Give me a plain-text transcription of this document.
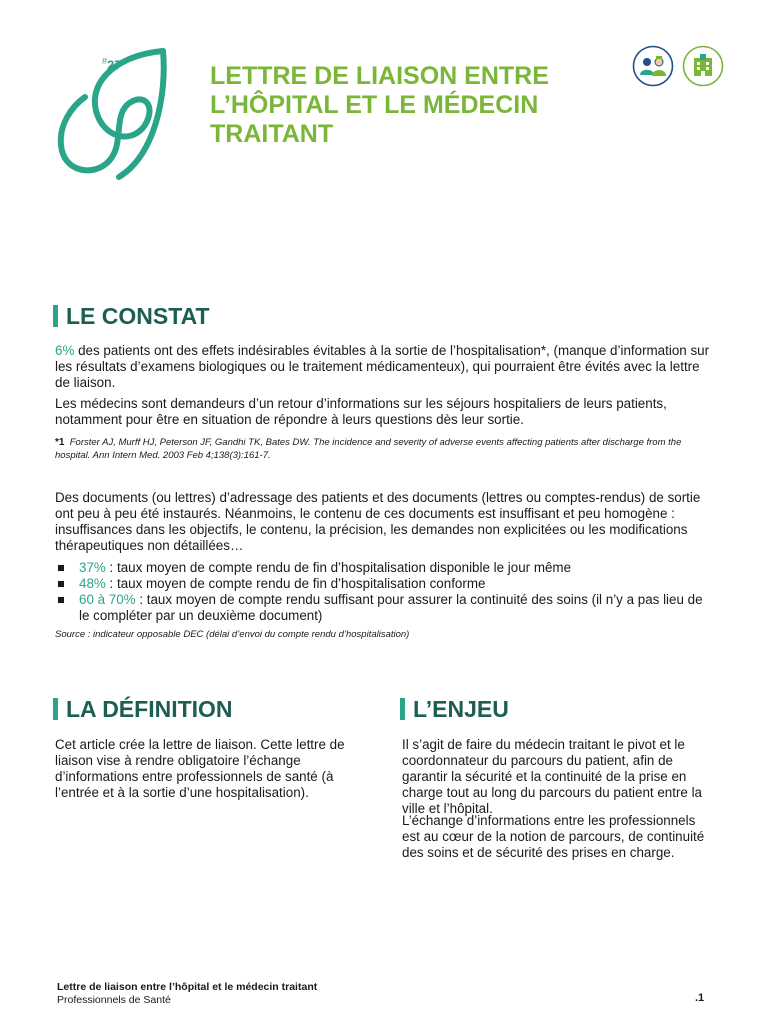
#27	LETTRE DE LIAISON ENTRE
L’HÔPITAL ET LE MÉDECIN
TRAITANT
LE CONSTAT

6% des patients ont des effets indésirables évitables à la sortie de l’hospitalisation*, (manque d’information sur les résultats d’examens biologiques ou le traitement médicamenteux), qui pourraient être évités avec la lettre de liaison.

Les médecins sont demandeurs d’un retour d’informations sur les séjours hospitaliers de leurs patients, notamment pour être en situation de répondre à leurs questions dès leur sortie.

*1 Forster AJ, Murff HJ, Peterson JF, Gandhi TK, Bates DW. The incidence and severity of adverse events affecting patients after discharge from the hospital. Ann Intern Med. 2003 Feb 4;138(3):161-7.

Des documents (ou lettres) d’adressage des patients et des documents (lettres ou comptes-rendus) de sortie ont peu à peu été instaurés. Néanmoins, le contenu de ces documents est insuffisant et peu homogène : insuffisances dans les objectifs, le contenu, la précision, les demandes non explicitées ou les modifications thérapeutiques non détaillées…

37% : taux moyen de compte rendu de fin d’hospitalisation disponible le jour même
48% : taux moyen de compte rendu de fin d’hospitalisation conforme
60 à 70% : taux moyen de compte rendu suffisant pour assurer la continuité des soins (il n’y a pas lieu de le compléter par un deuxième document)
Source : indicateur opposable DEC (délai d’envoi du compte rendu d’hospitalisation)
LA DÉFINITION

Cet article crée la lettre de liaison. Cette lettre de liaison vise à rendre obligatoire l’échange d’informations entre professionnels de santé (à l’entrée et à la sortie d’une hospitalisation).

L’ENJEU

Il s’agit de faire du médecin traitant le pivot et le coordonnateur du parcours du patient, afin de garantir la sécurité et la continuité de la prise en charge tout au long du parcours du patient entre la ville et l’hôpital.

L’échange d’informations entre les professionnels est au cœur de la notion de parcours, de continuité des soins et de sécurité des prises en charge.

Lettre de liaison entre l’hôpital et le médecin traitant
Professionnels de Santé	.1
